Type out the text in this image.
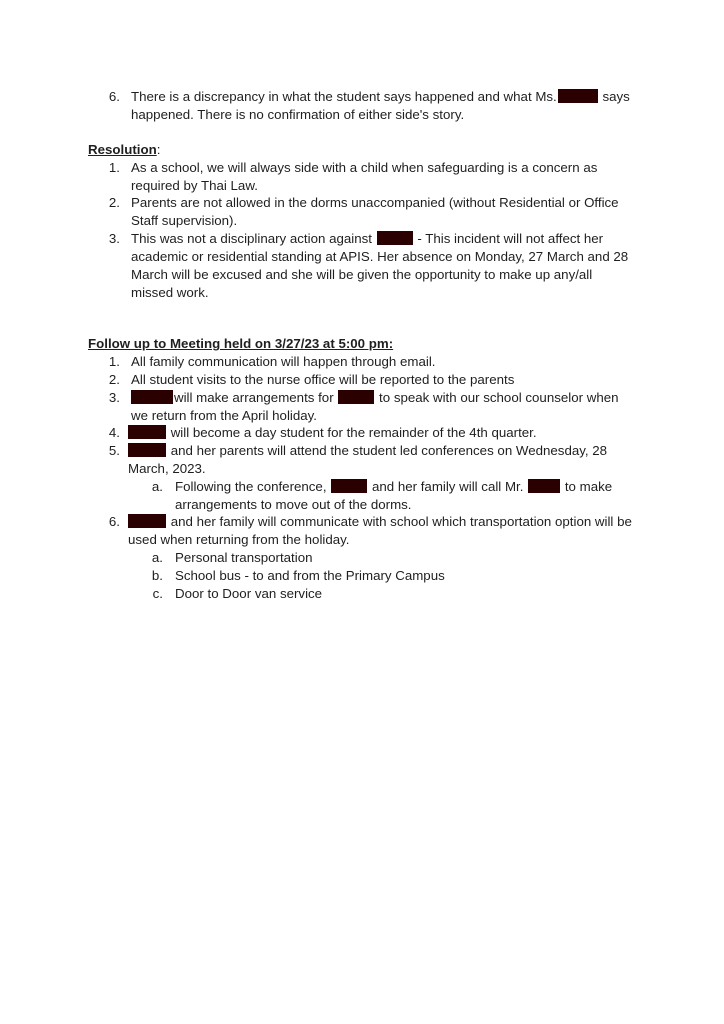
6. There is a discrepancy in what the student says happened and what Ms.	says
happened. There is no confirmation of either side's story.
Resolution:
1. As a school, we will always side with a child when safeguarding is a concern as
required by Thai Law.
2. Parents are not allowed in the dorms unaccompanied (without Residential or Office
Staff supervision).
3. This was not a disciplinary action against	- This incident will not affect her
academic or residential standing at APIS. Her absence on Monday, 27 March and 28
March will be excused and she will be given the opportunity to make up any/all
missed work.
Follow up to Meeting held on 3/27/23 at 5:00 pm:
1. All family communication will happen through email.
2. All student visits to the nurse office will be reported to the parents
3.	will make arrangements for	to speak with our school counselor when
we return from the April holiday.
4.	will become a day student for the remainder of the 4th quarter.
5.	and her parents will attend the student led conferences on Wednesday, 28
March, 2023.
a. Following the conference,	and her family will call Mr.	to make
arrangements to move out of the dorms.
6.	and her family will communicate with school which transportation option will be
used when returning from the holiday.
a. Personal transportation
b. School bus - to and from the Primary Campus
c. Door to Door van service
